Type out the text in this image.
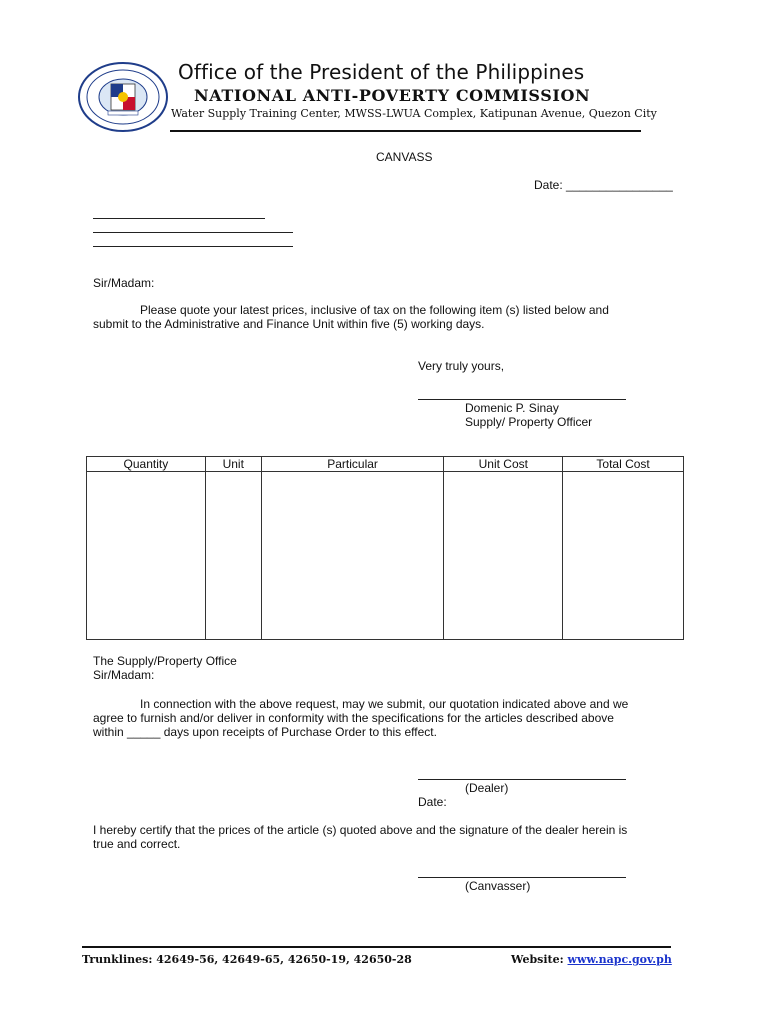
Office of the President of the Philippines
NATIONAL ANTI-POVERTY COMMISSION
Water Supply Training Center, MWSS-LWUA Complex, Katipunan Avenue, Quezon City
CANVASS
Date: ________________
Sir/Madam:
Please quote your latest prices, inclusive of tax on the following item (s) listed below and
submit to the Administrative and Finance Unit within five (5) working days.
Very truly yours,
Domenic P. Sinay
Supply/ Property Officer
Quantity	Unit	Particular	Unit Cost	Total Cost

The Supply/Property Office
Sir/Madam:
In connection with the above request, may we submit, our quotation indicated above and we
agree to furnish and/or deliver in conformity with the specifications for the articles described above
within _____ days upon receipts of Purchase Order to this effect.
(Dealer)
Date:
I hereby certify that the prices of the article (s) quoted above and the signature of the dealer herein is
true and correct.
(Canvasser)
Trunklines: 42649-56, 42649-65, 42650-19, 42650-28	Website: www.napc.gov.ph
